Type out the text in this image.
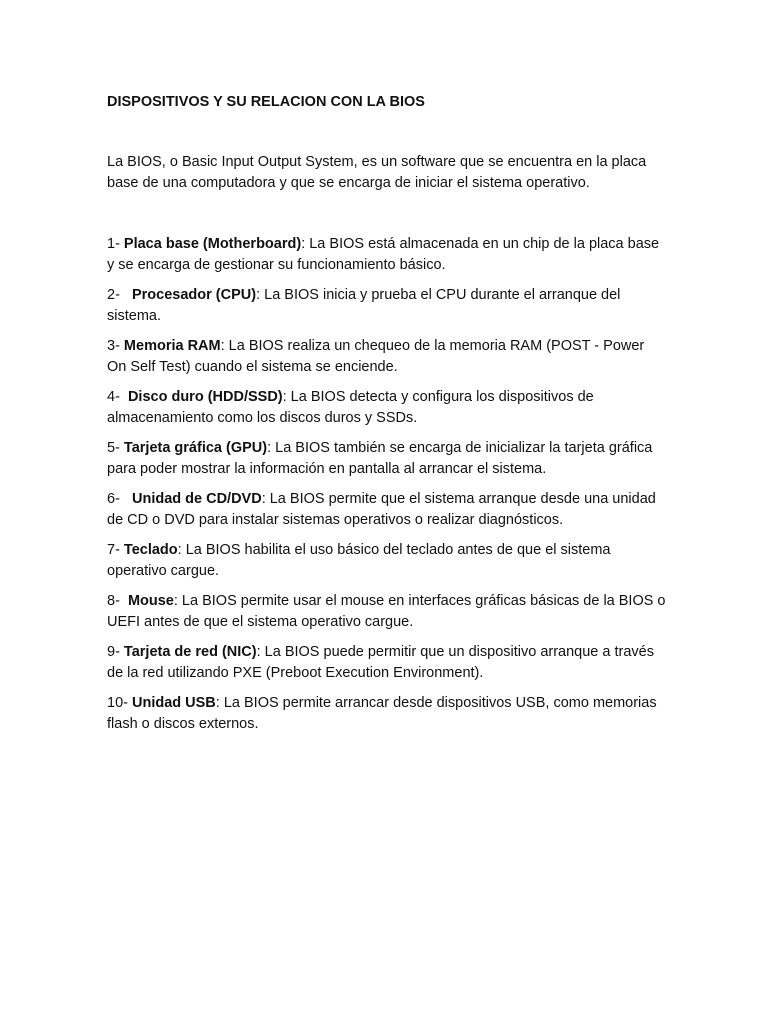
DISPOSITIVOS Y SU RELACION CON LA BIOS

La BIOS, o Basic Input Output System, es un software que se encuentra en la placa base de una computadora y que se encarga de iniciar el sistema operativo.

1- Placa base (Motherboard): La BIOS está almacenada en un chip de la placa base y se encarga de gestionar su funcionamiento básico.
2-   Procesador (CPU): La BIOS inicia y prueba el CPU durante el arranque del sistema.
3- Memoria RAM: La BIOS realiza un chequeo de la memoria RAM (POST - Power On Self Test) cuando el sistema se enciende.
4-  Disco duro (HDD/SSD): La BIOS detecta y configura los dispositivos de almacenamiento como los discos duros y SSDs.
5- Tarjeta gráfica (GPU): La BIOS también se encarga de inicializar la tarjeta gráfica para poder mostrar la información en pantalla al arrancar el sistema.
6-   Unidad de CD/DVD: La BIOS permite que el sistema arranque desde una unidad de CD o DVD para instalar sistemas operativos o realizar diagnósticos.
7- Teclado: La BIOS habilita el uso básico del teclado antes de que el sistema operativo cargue.
8-  Mouse: La BIOS permite usar el mouse en interfaces gráficas básicas de la BIOS o UEFI antes de que el sistema operativo cargue.
9- Tarjeta de red (NIC): La BIOS puede permitir que un dispositivo arranque a través de la red utilizando PXE (Preboot Execution Environment).
10- Unidad USB: La BIOS permite arrancar desde dispositivos USB, como memorias flash o discos externos.
